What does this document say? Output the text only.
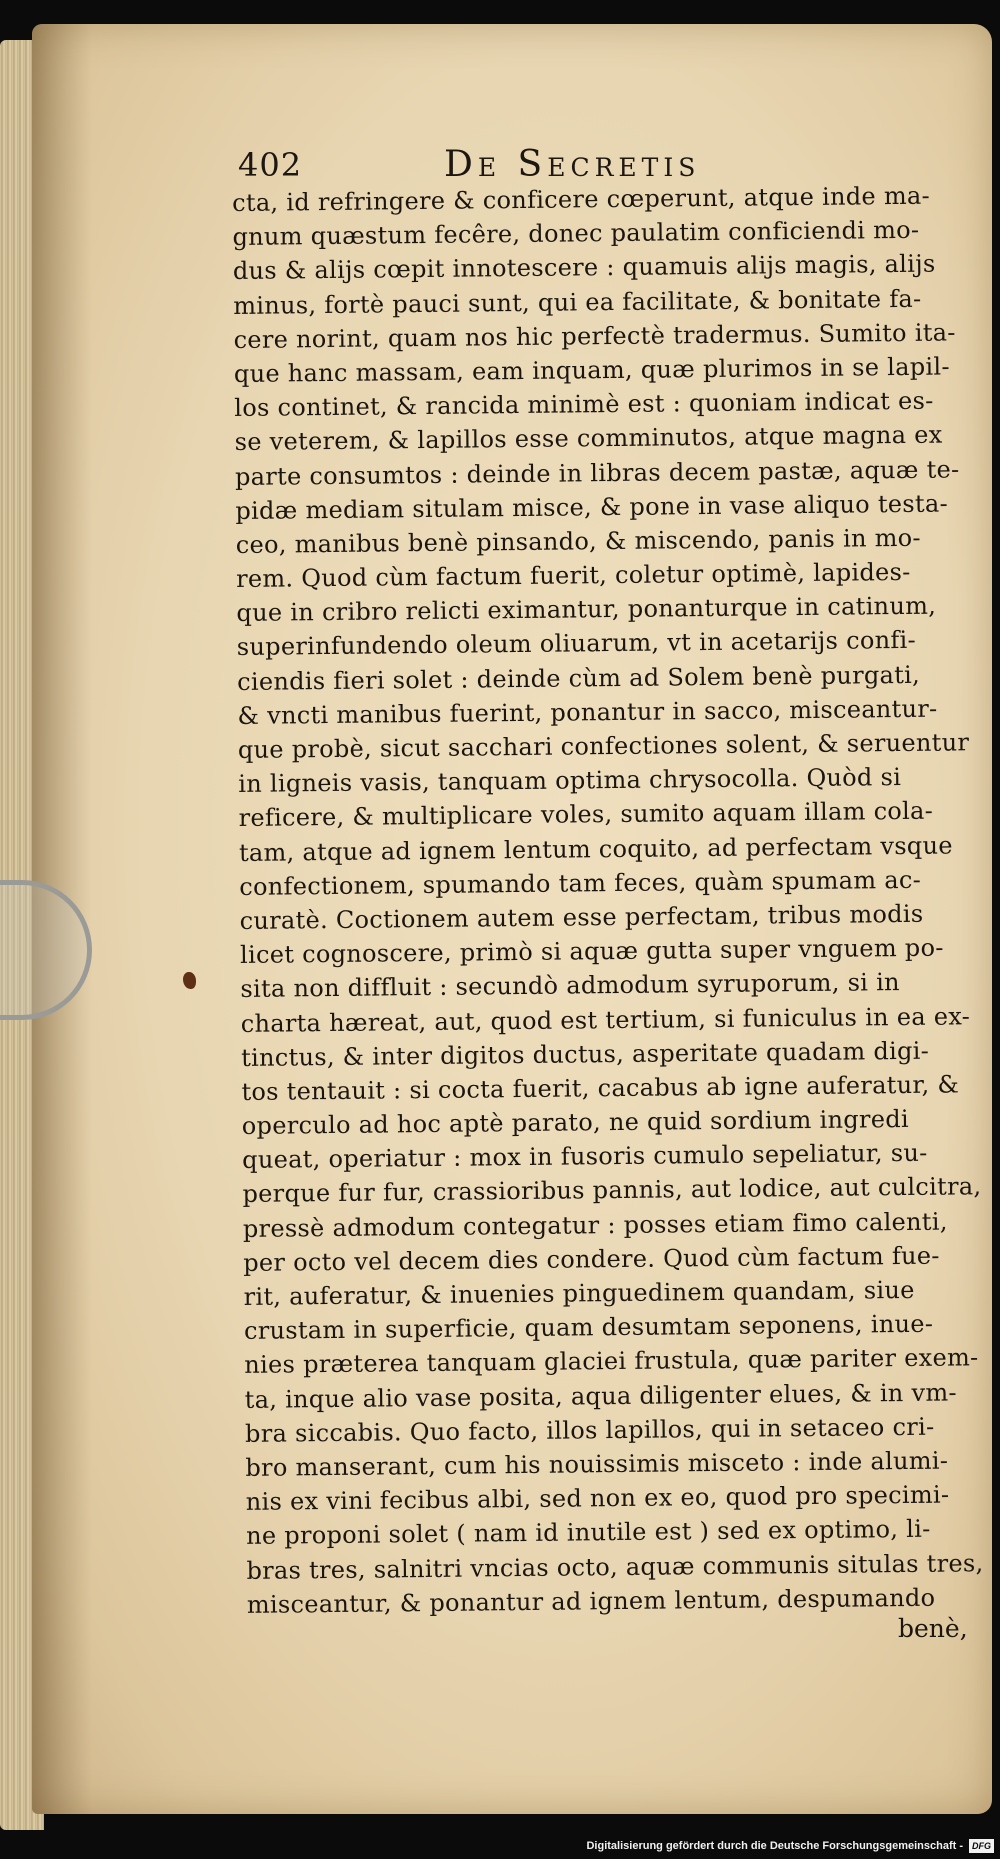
402	De Secretis
cta, id refringere & conficere cœperunt, atque inde ma-
gnum quæstum fecêre, donec paulatim conficiendi mo-
dus & alijs cœpit innotescere : quamuis alijs magis, alijs
minus, fortè pauci sunt, qui ea facilitate, & bonitate fa-
cere norint, quam nos hic perfectè tradermus. Sumito ita-
que hanc massam, eam inquam, quæ plurimos in se lapil-
los continet, & rancida minimè est : quoniam indicat es-
se veterem, & lapillos esse comminutos, atque magna ex
parte consumtos : deinde in libras decem pastæ, aquæ te-
pidæ mediam situlam misce, & pone in vase aliquo testa-
ceo, manibus benè pinsando, & miscendo, panis in mo-
rem. Quod cùm factum fuerit, coletur optimè, lapides-
que in cribro relicti eximantur, ponanturque in catinum,
superinfundendo oleum oliuarum, vt in acetarijs confi-
ciendis fieri solet : deinde cùm ad Solem benè purgati,
& vncti manibus fuerint, ponantur in sacco, misceantur-
que probè, sicut sacchari confectiones solent, & seruentur
in ligneis vasis, tanquam optima chrysocolla. Quòd si
reficere, & multiplicare voles, sumito aquam illam cola-
tam, atque ad ignem lentum coquito, ad perfectam vsque
confectionem, spumando tam feces, quàm spumam ac-
curatè. Coctionem autem esse perfectam, tribus modis
licet cognoscere, primò si aquæ gutta super vnguem po-
sita non diffluit : secundò admodum syruporum, si in
charta hæreat, aut, quod est tertium, si funiculus in ea ex-
tinctus, & inter digitos ductus, asperitate quadam digi-
tos tentauit : si cocta fuerit, cacabus ab igne auferatur, &
operculo ad hoc aptè parato, ne quid sordium ingredi
queat, operiatur : mox in fusoris cumulo sepeliatur, su-
perque fur fur, crassioribus pannis, aut lodice, aut culcitra,
pressè admodum contegatur : posses etiam fimo calenti,
per octo vel decem dies condere. Quod cùm factum fue-
rit, auferatur, & inuenies pinguedinem quandam, siue
crustam in superficie, quam desumtam seponens, inue-
nies præterea tanquam glaciei frustula, quæ pariter exem-
ta, inque alio vase posita, aqua diligenter elues, & in vm-
bra siccabis. Quo facto, illos lapillos, qui in setaceo cri-
bro manserant, cum his nouissimis misceto : inde alumi-
nis ex vini fecibus albi, sed non ex eo, quod pro specimi-
ne proponi solet ( nam id inutile est ) sed ex optimo, li-
bras tres, salnitri vncias octo, aquæ communis situlas tres,
misceantur, & ponantur ad ignem lentum, despumando
benè,
Digitalisierung gefördert durch die Deutsche Forschungsgemeinschaft -	DFG
